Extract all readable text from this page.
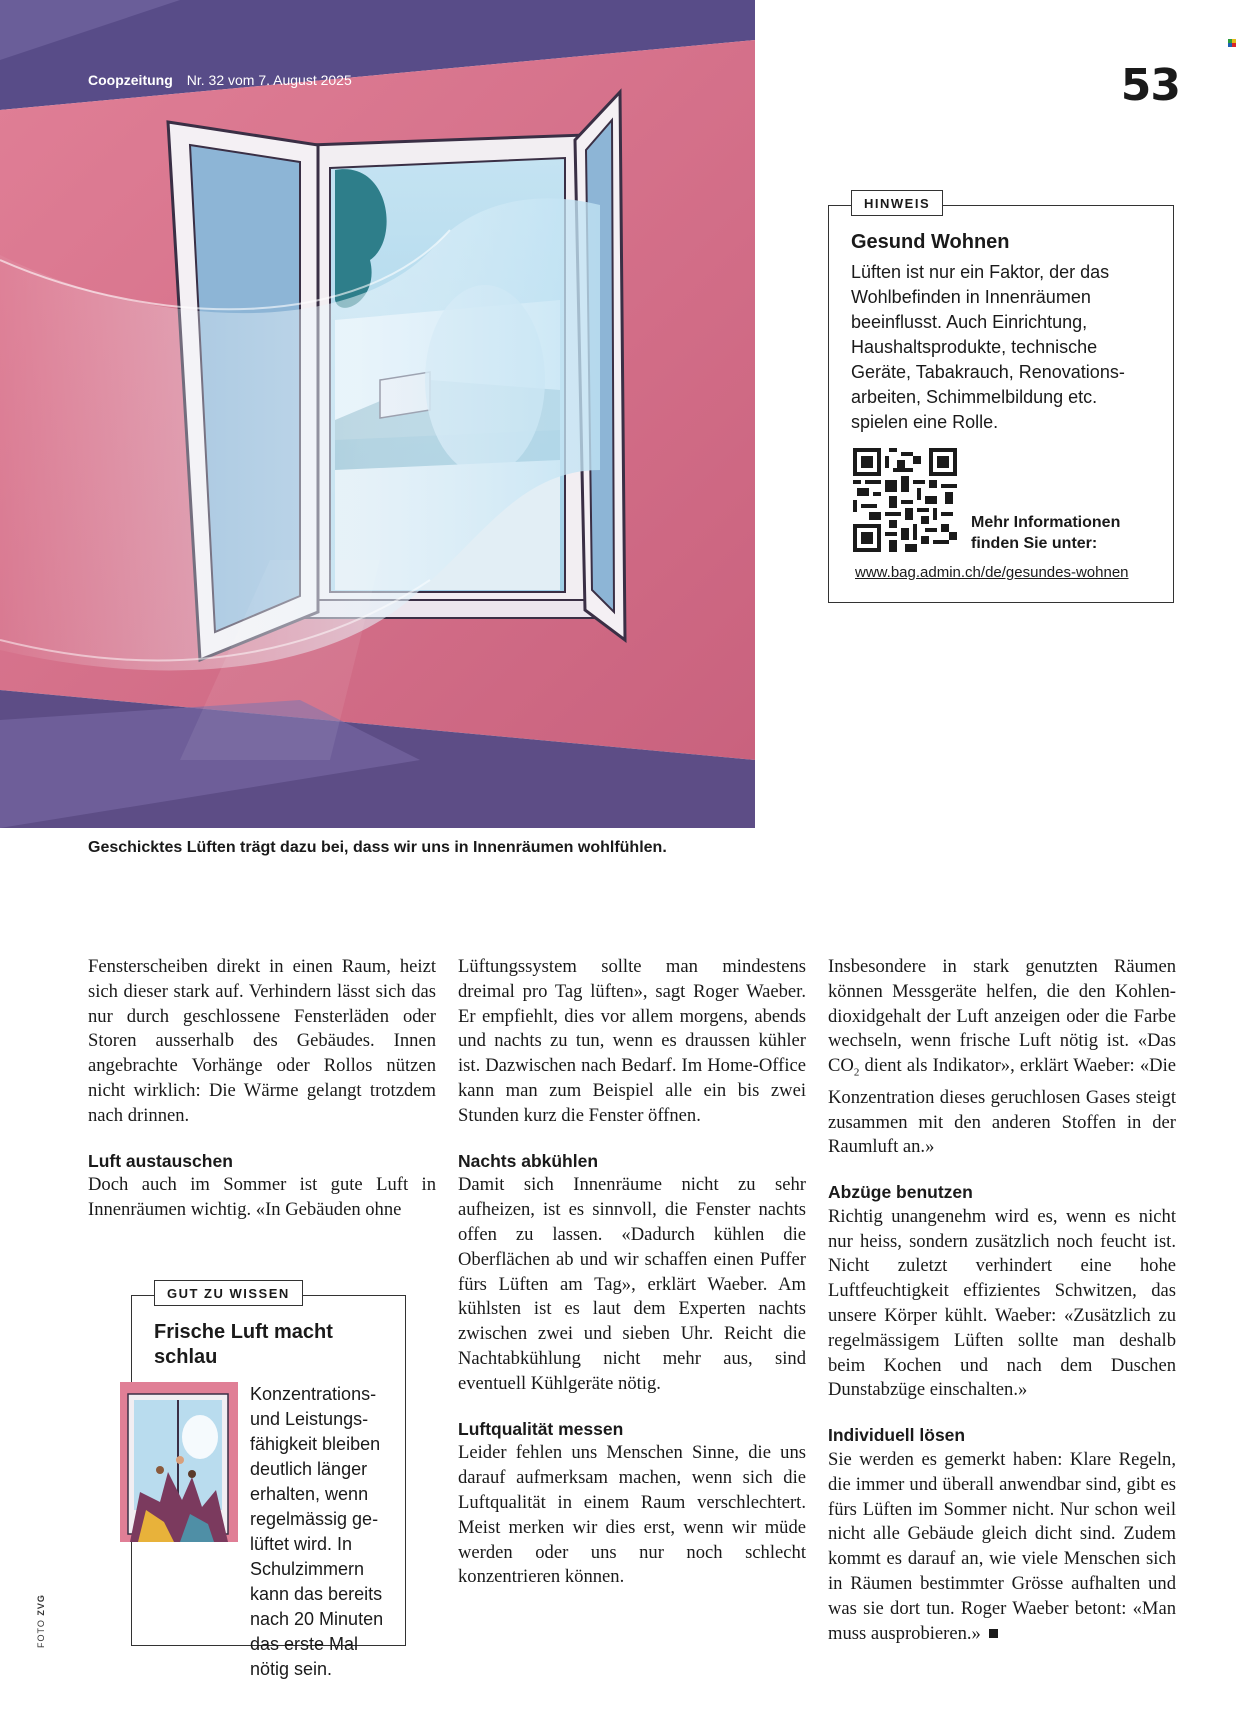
Coopzeitung Nr. 32 vom 7. August 2025	53
Geschicktes Lüften trägt dazu bei, dass wir uns in Innenräumen wohlfühlen.
HINWEIS
Gesund Wohnen
Lüften ist nur ein Faktor, der das Wohlbefinden in Innenräumen beeinflusst. Auch Einrichtung, Haushaltsprodukte, technische Geräte, Tabakrauch, Renovationsarbeiten, Schimmelbildung etc. spielen eine Rolle.
Mehr Informationen finden Sie unter:
www.bag.admin.ch/de/gesundes-wohnen
GUT ZU WISSEN
Frische Luft macht schlau
Konzentrations- und Leistungsfähigkeit bleiben deutlich länger erhalten, wenn regelmässig gelüftet wird. In Schulzimmern kann das bereits nach 20 Minuten das erste Mal nötig sein.

Fensterscheiben direkt in einen Raum, heizt sich dieser stark auf. Verhindern lässt sich das nur durch geschlossene Fensterläden oder Storen ausserhalb des Gebäudes. Innen angebrachte Vorhänge oder Rollos nützen nicht wirklich: Die Wärme gelangt trotzdem nach drinnen.

Luft austauschen

Doch auch im Sommer ist gute Luft in Innenräumen wichtig. «In Gebäuden ohne

Lüftungssystem sollte man mindestens dreimal pro Tag lüften», sagt Roger Waeber. Er empfiehlt, dies vor allem morgens, abends und nachts zu tun, wenn es draussen kühler ist. Dazwischen nach Bedarf. Im Home-Office kann man zum Beispiel alle ein bis zwei Stunden kurz die Fenster öffnen.

Nachts abkühlen

Damit sich Innenräume nicht zu sehr aufheizen, ist es sinnvoll, die Fenster nachts offen zu lassen. «Dadurch kühlen die Oberflächen ab und wir schaffen einen Puffer fürs Lüften am Tag», erklärt Waeber. Am kühlsten ist es laut dem Experten nachts zwischen zwei und sieben Uhr. Reicht die Nachtabkühlung nicht mehr aus, sind eventuell Kühlgeräte nötig.

Luftqualität messen

Leider fehlen uns Menschen Sinne, die uns darauf aufmerksam machen, wenn sich die Luftqualität in einem Raum verschlechtert. Meist merken wir dies erst, wenn wir müde werden oder uns nur noch schlecht konzentrieren können.

Insbesondere in stark genutzten Räumen können Messgeräte helfen, die den Kohlendioxidgehalt der Luft anzeigen oder die Farbe wechseln, wenn frische Luft nötig ist. «Das $CO_2$ dient als Indikator», erklärt Waeber: «Die Konzentration dieses geruchlosen Gases steigt zusammen mit den anderen Stoffen in der Raumluft an.»

Abzüge benutzen

Richtig unangenehm wird es, wenn es nicht nur heiss, sondern zusätzlich noch feucht ist. Nicht zuletzt verhindert eine hohe Luftfeuchtigkeit effizientes Schwitzen, das unsere Körper kühlt. Waeber: «Zusätzlich zu regelmässigem Lüften sollte man deshalb beim Kochen und nach dem Duschen Dunstabzüge einschalten.»

Individuell lösen

Sie werden es gemerkt haben: Klare Regeln, die immer und überall anwendbar sind, gibt es fürs Lüften im Sommer nicht. Nur schon weil nicht alle Gebäude gleich dicht sind. Zudem kommt es darauf an, wie viele Menschen sich in Räumen bestimmter Grösse aufhalten und was sie dort tun. Roger Waeber betont: «Man muss ausprobieren.»

FOTO ZVG
